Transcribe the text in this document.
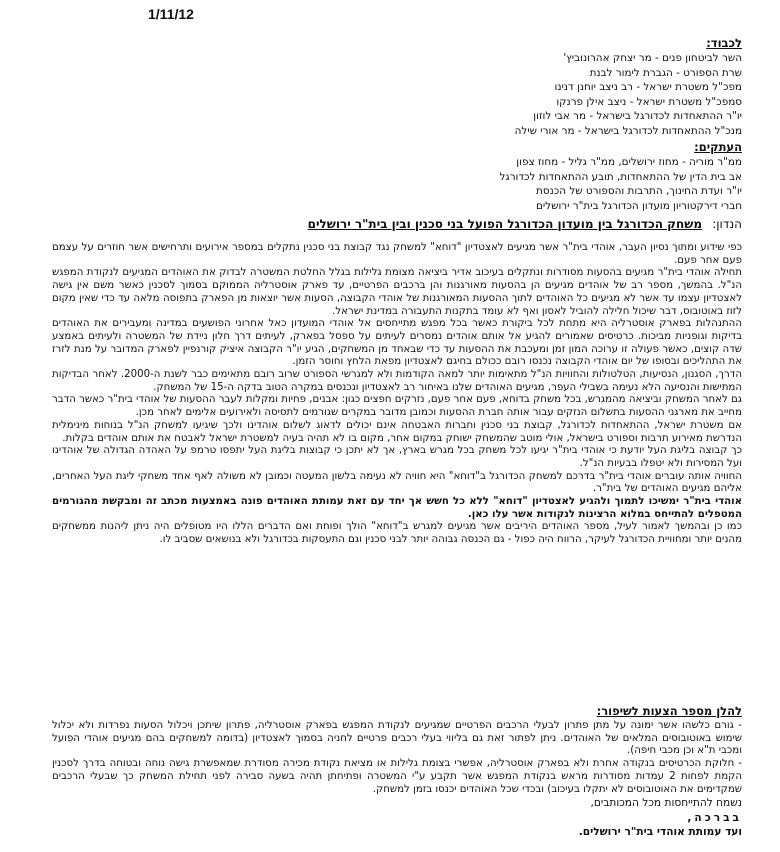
1/11/12
לכבוד:
השר לביטחון פנים - מר יצחק אהרונוביץ'
שרת הספורט - הגברת לימור לבנת
מפכ"ל משטרת ישראל - רב ניצב יוחנן דנינו
סמפכ"ל משטרת ישראל - ניצב אילן פרנקו
יו"ר ההתאחדות לכדורגל בישראל - מר אבי לוזון
מנכ"ל ההתאחדות לכדורגל בישראל - מר אורי שילה
העתקים:
ממ"ר מוריה - מחוז ירושלים, ממ"ר גליל - מחוז צפון
אב בית הדין של ההתאחדות, תובע ההתאחדות לכדורגל
יו"ר ועדת החינוך, התרבות והספורט של הכנסת
חברי דירקטוריון מועדון הכדורגל בית"ר ירושלים
הנדון: משחק הכדורגל בין מועדון הכדורגל הפועל בני סכנין ובין בית"ר ירושלים

כפי שידוע ומתוך נסיון העבר, אוהדי בית"ר אשר מגיעים לאצטדיון "דוחא" למשחק נגד קבוצת בני סכנין נתקלים במספר אירועים ותרחישים אשר חוזרים על עצמם פעם אחר פעם.

תחילה אוהדי בית"ר מגיעים בהסעות מסודרות ונתקלים בעיכוב אדיר ביציאה מצומת גלילות בגלל החלטת המשטרה לבדוק את האוהדים המגיעים לנקודת המפגש הנ"ל. בהמשך, מספר רב של אוהדים מגיעים הן בהסעות מאורגנות והן ברכבים הפרטיים, עד פארק אוסטרליה הממוקם בסמוך לסכנין כאשר משם אין גישה לאצטדיון עצמו עד אשר לא מגיעים כל האוהדים לתוך ההסעות המאורגנות של אוהדי הקבוצה, הסעות אשר יוצאות מן הפארק בתפוסה מלאה עד כדי שאין מקום לזוז באוטובוס, דבר שיכול חלילה להוביל לאסון ואף לא עומד בתקנות התעבורה במדינת ישראל.

ההתנהלות בפארק אוסטרליה היא מתחת לכל ביקורת כאשר בכל מפגש מתייחסים אל אוהדי המועדון כאל אחרוני הפושעים במדינה ומעבירים את האוהדים בדיקות וגופניות מביכות. כרטיסים שאמורים להגיע אל אותם אוהדים נמסרים לעיתים על ספסל בפארק, לעיתים דרך חלון ניידת של המשטרה ולעיתים באמצע שדה קוצים, כאשר פעולה זו ערוכה המון זמן ומעכבת את ההסעות עד כדי שבאחד מן המשחקים, הגיע יו"ר הקבוצה איציק קורנפיין לפארק המדובר על מנת לזרז את התהליכים ובסופו של יום אוהדי הקבוצה נכנסו רובם ככולם בחיגם לאצטדיון מפאת הלחץ וחוסר הזמן.

הדרך, הסגנון, הנסיעות, הטלטולות והחוויות הנ"ל מתאימות יותר למאה הקודמות ולא למגרשי הספורט שרוב רובם מתאימים כבר לשנת ה-2000. לאחר הבדיקות המתישות והנסיעה הלא נעימה בשבילי העפר, מגיעים האוהדים שלנו באיחור רב לאצטדיון ונכנסים במקרה הטוב בדקה ה-15 של המשחק.

גם לאחר המשחק וביציאה מהמגרש, בכל משחק בדוחא, פעם אחר פעם, נזרקים חפצים כגון: אבנים, פחיות ומקלות לעבר ההסעות של אוהדי בית"ר כאשר הדבר מחייב את מארגני ההסעות בתשלום הנזקים עבור אותה חברת ההסעות וכמובן מדובר במקרים שגורמים לתסיסה ולאירועים אלימים לאחר מכן.

אם משטרת ישראל, ההתאחדות לכדורגל, קבוצת בני סכנין וחברות האבטחה אינם יכולים לדאוג לשלום אוהדינו ולכך שיגיעו למשחק הנ"ל בנוחות מינימלית הנדרשת מאירוע תרבות וספורט בישראל, אולי מוטב שהמשחק ישוחק במקום אחר, מקום בו לא תהיה בעיה למשטרת ישראל לאבטח את אותם אוהדים בקלות.

כך קבוצה בליגת העל יודעת כי אוהדי בית"ר יגיעו לכל משחק בכל מגרש בארץ, אך לא יתכן כי קבוצות בליגת העל יתפסו טרמפ על האהדה הגדולה של אוהדינו ועל המסירות ולא יטפלו בבעיות הנ"ל.

החוויה אותה עוברים אוהדי בית"ר בדרכם למשחק הכדורגל ב"דוחא" היא חוויה לא נעימה בלשון המעטה וכמובן לא משולה לאף אחד משחקי ליגת העל האחרים, אליהם מגיעים האוהדים של בית"ר.

אוהדי בית"ר ימשיכו לתמוך ולהגיע לאצטדיון "דוחא" ללא כל חשש אך יחד עם זאת עמותת האוהדים פונה באמצעות מכתב זה ומבקשת מהגורמים המטפלים להתייחס במלוא הרצינות לנקודות אשר עלו כאן.

כמו כן ובהמשך לאמור לעיל, מספר האוהדים היריבים אשר מגיעים למגרש ב"דוחא" הולך ופוחת ואם הדברים הללו היו מטופלים היה ניתן ליהנות ממשחקים מהנים יותר ומחוויית הכדורגל לעיקר, הרווח היה כפול - גם הכנסה גבוהה יותר לבני סכנין וגם התעסקות בכדורגל ולא בנושאים שסביב לו.

להלן מספר הצעות לשיפור:

- גורם כלשהו אשר ימונה על מתן פתרון לבעלי הרכבים הפרטיים שמגיעים לנקודת המפגש בפארק אוסטרליה, פתרון שיתכן ויכלול הסעות נפרדות ולא יכלול שימוש באוטובוסים המלאים של האוהדים. ניתן לפתור זאת גם בליווי בעלי רכבים פרטיים לחניה בסמוך לאצטדיון (בדומה למשחקים בהם מגיעים אוהדי הפועל ומכבי ת"א וכן מכבי חיפה).

- חלוקת הכרטיסים בנקודה אחרת ולא בפארק אוסטרליה, אפשרי בצומת גלילות או מציאת נקודת מכירה מסודרת שמאפשרת גישה נוחה ובטוחה בדרך לסכנין הקמת לפחות 2 עמדות מסודרות מראש בנקודת המפגש אשר תקבע ע"י המשטרה ופתיחתן תהיה בשעה סבירה לפני תחילת המשחק כך שבעלי הרכבים שמקדימים את האוטובוסים לא יתקלו בעיכוב) ובכדי שכל האוהדים יכנסו בזמן למשחק.

נשמח להתייחסות מכל המכותבים,
בברכה,
ועד עמותת אוהדי בית"ר ירושלים.
